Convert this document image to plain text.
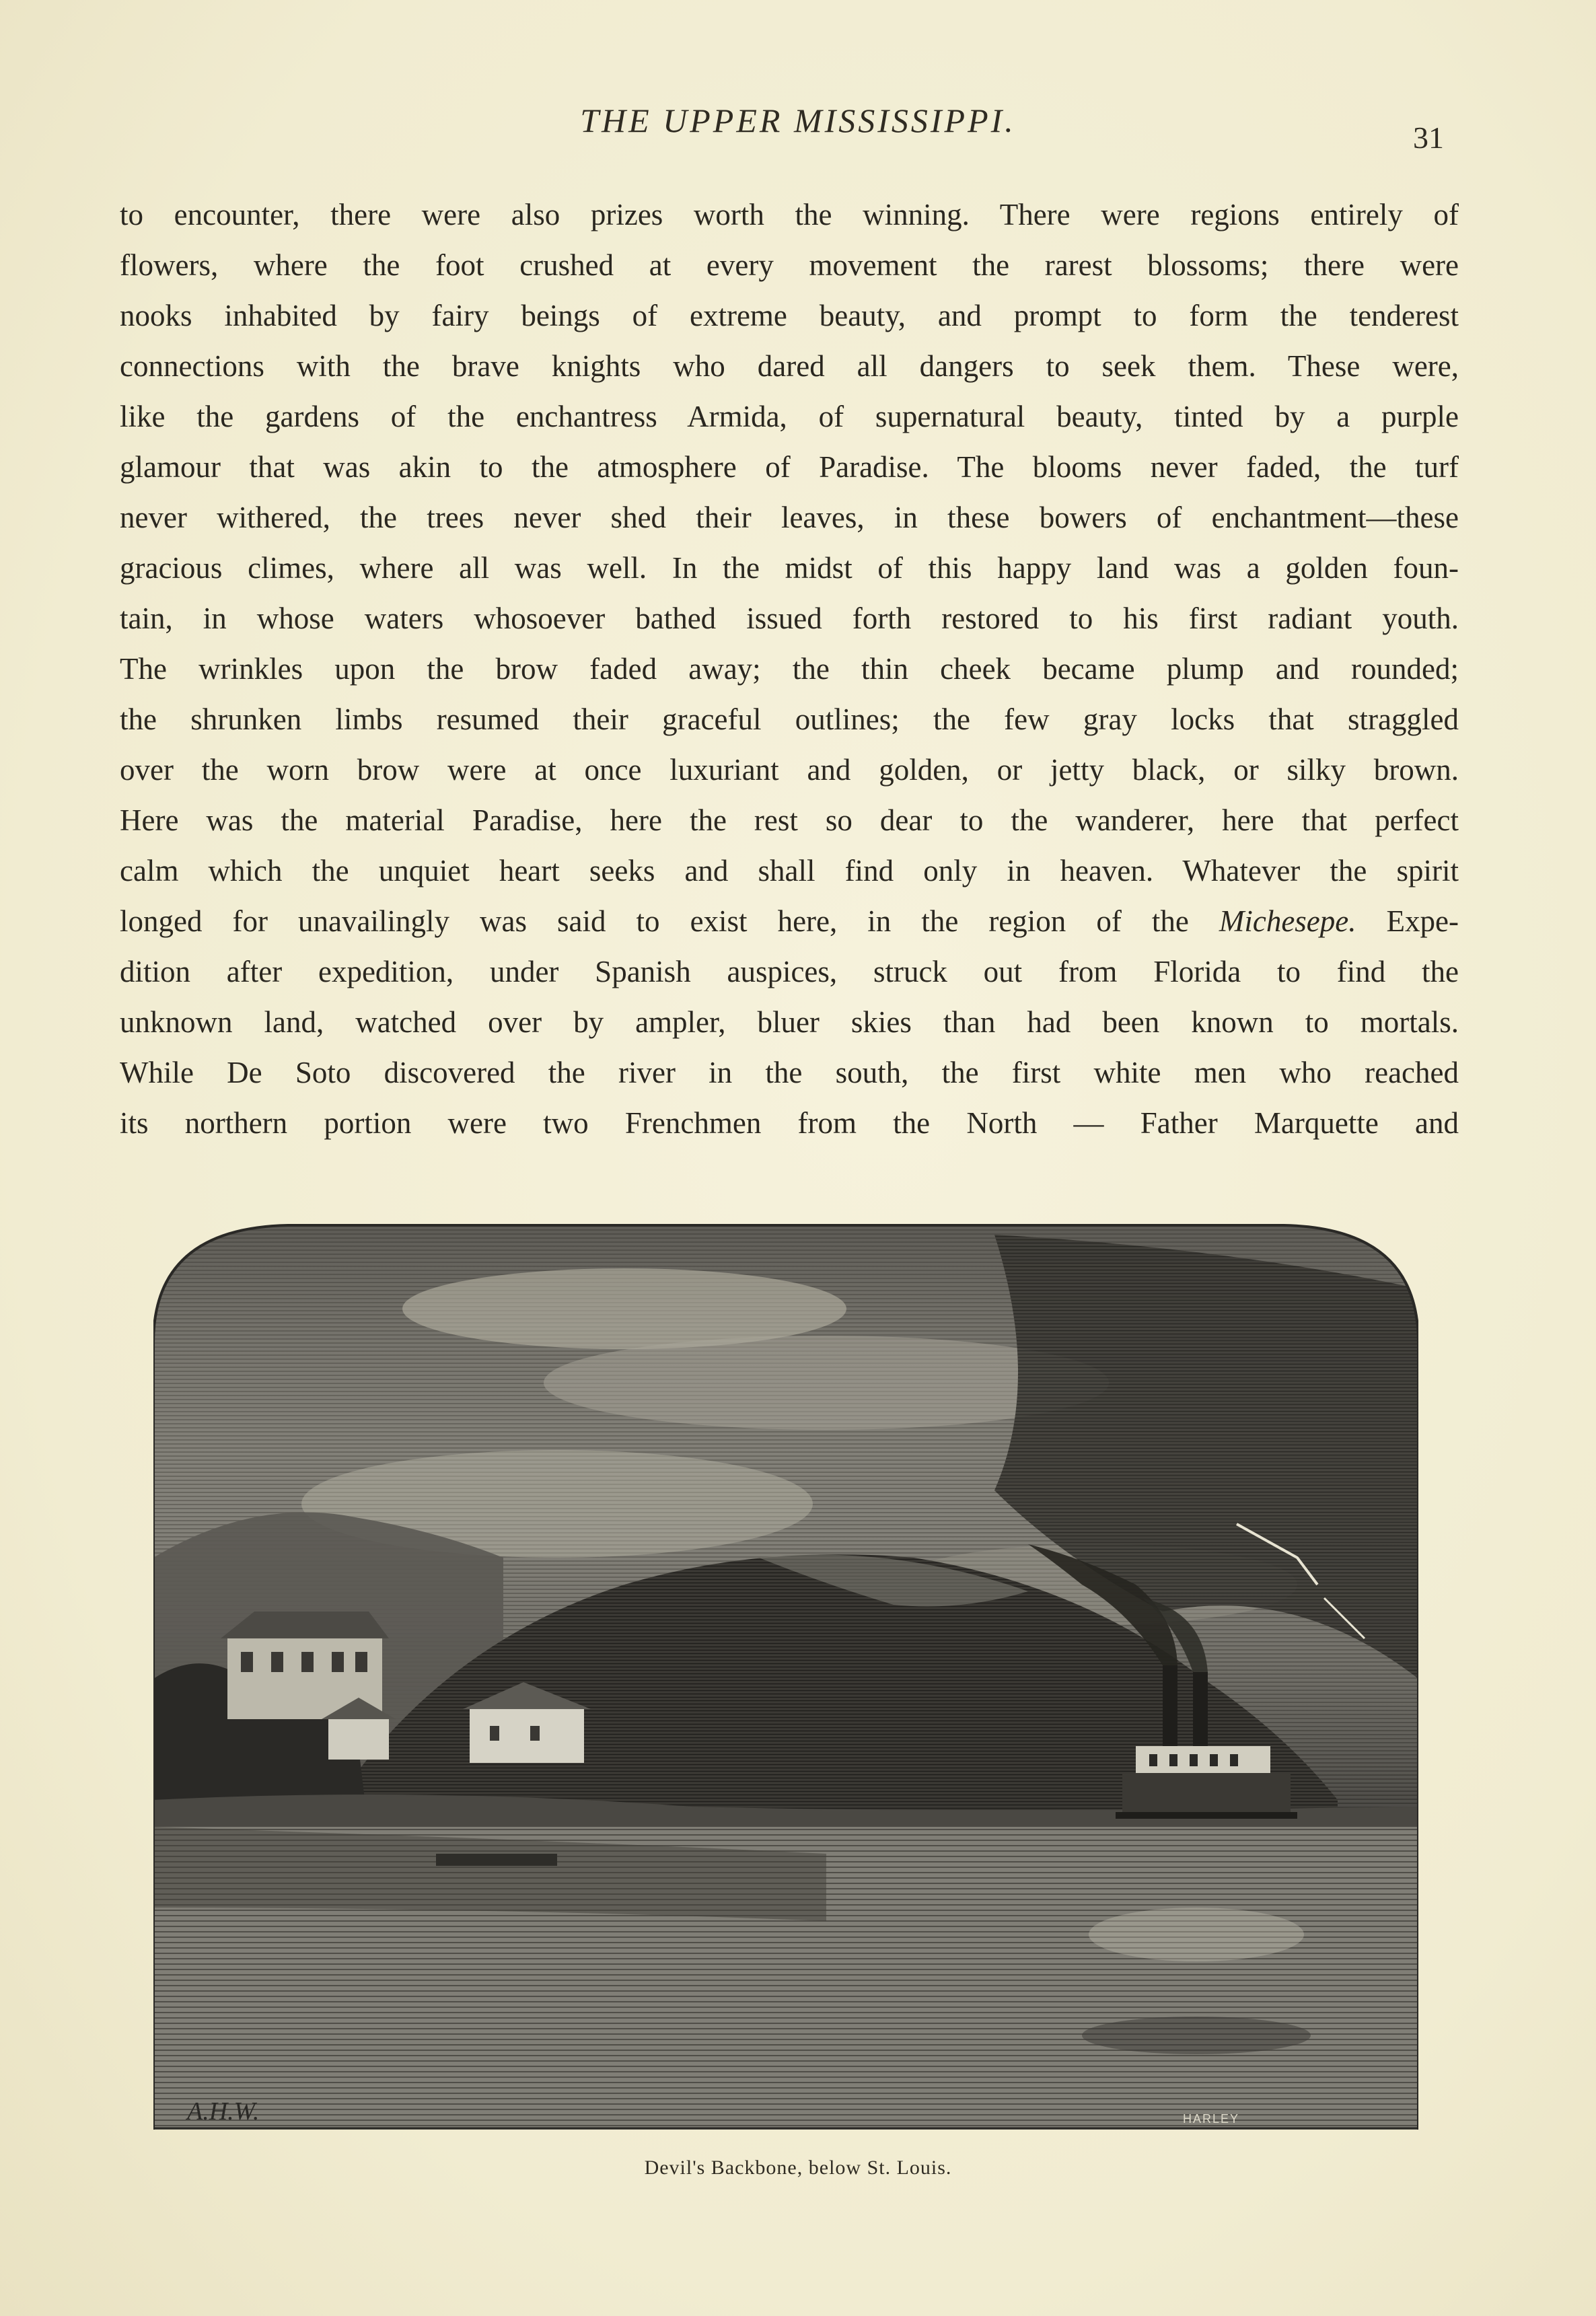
THE UPPER MISSISSIPPI.	31
to encounter, there were also prizes worth the winning. There were regions entirely of
flowers, where the foot crushed at every movement the rarest blossoms; there were
nooks inhabited by fairy beings of extreme beauty, and prompt to form the tenderest
connections with the brave knights who dared all dangers to seek them. These were,
like the gardens of the enchantress Armida, of supernatural beauty, tinted by a purple
glamour that was akin to the atmosphere of Paradise. The blooms never faded, the turf
never withered, the trees never shed their leaves, in these bowers of enchantment—these
gracious climes, where all was well. In the midst of this happy land was a golden foun-
tain, in whose waters whosoever bathed issued forth restored to his first radiant youth.
The wrinkles upon the brow faded away; the thin cheek became plump and rounded;
the shrunken limbs resumed their graceful outlines; the few gray locks that straggled
over the worn brow were at once luxuriant and golden, or jetty black, or silky brown.
Here was the material Paradise, here the rest so dear to the wanderer, here that perfect
calm which the unquiet heart seeks and shall find only in heaven. Whatever the spirit
longed for unavailingly was said to exist here, in the region of the Michesepe. Expe-
dition after expedition, under Spanish auspices, struck out from Florida to find the
unknown land, watched over by ampler, bluer skies than had been known to mortals.
While De Soto discovered the river in the south, the first white men who reached
its northern portion were two Frenchmen from the North — Father Marquette and
A.H.W.	HARLEY
Devil's Backbone, below St. Louis.
